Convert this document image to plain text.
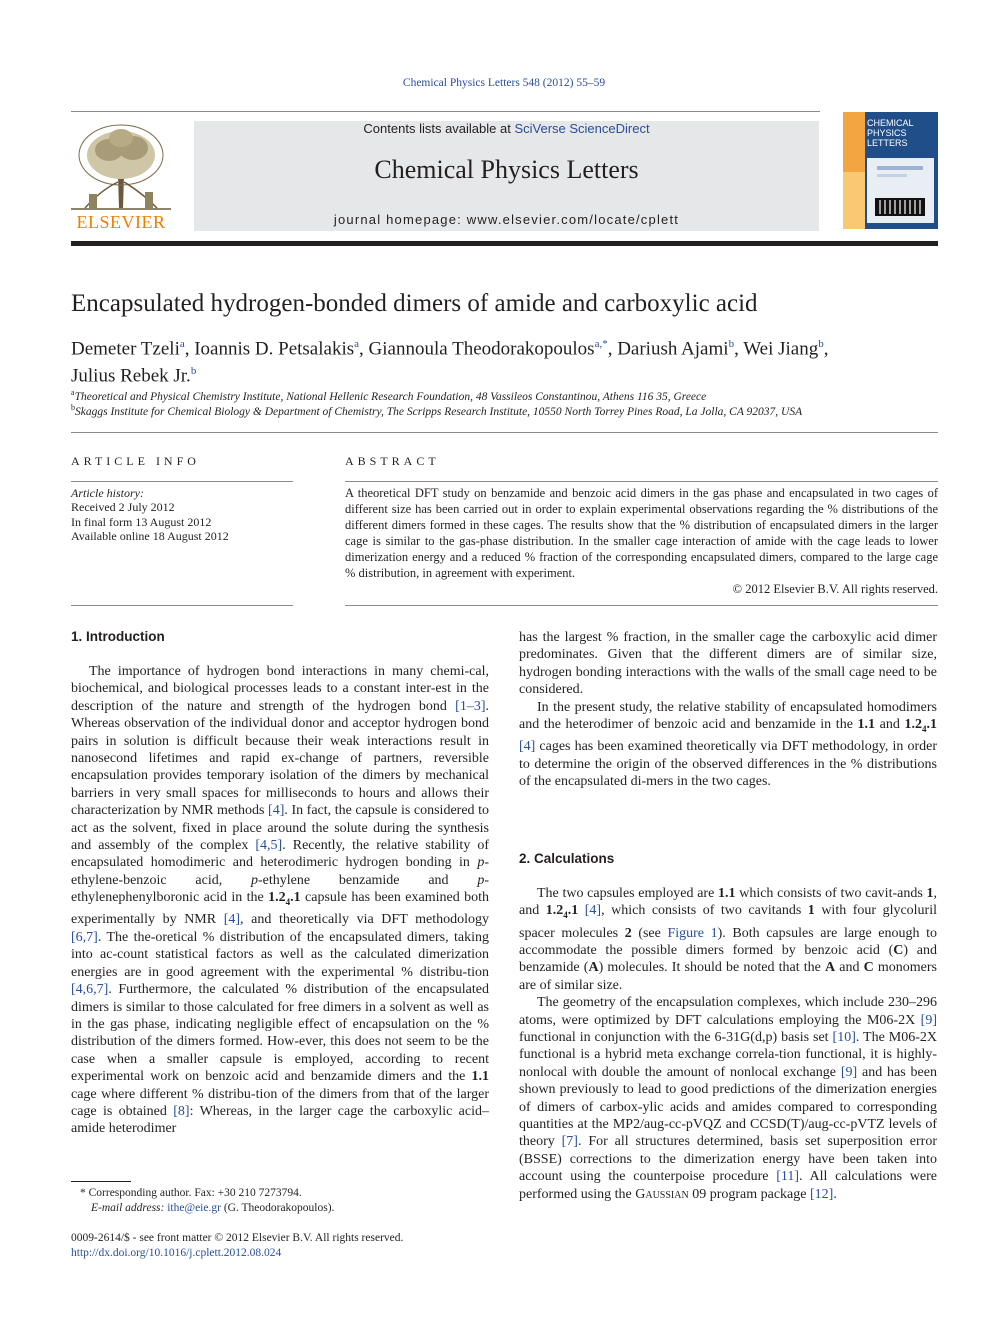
Chemical Physics Letters 548 (2012) 55–59
ELSEVIER
Contents lists available at SciVerse ScienceDirect
Chemical Physics Letters
journal homepage: www.elsevier.com/locate/cplett
CHEMICAL
PHYSICS
LETTERS
Encapsulated hydrogen-bonded dimers of amide and carboxylic acid
Demeter Tzeli$^a$, Ioannis D. Petsalakis$^a$, Giannoula Theodorakopoulos$^{a,*}$, Dariush Ajami$^b$, Wei Jiang$^b$,
Julius Rebek Jr.$^b$
$^a$Theoretical and Physical Chemistry Institute, National Hellenic Research Foundation, 48 Vassileos Constantinou, Athens 116 35, Greece
$^b$Skaggs Institute for Chemical Biology & Department of Chemistry, The Scripps Research Institute, 10550 North Torrey Pines Road, La Jolla, CA 92037, USA
ARTICLE INFO
Article history:
Received 2 July 2012
In final form 13 August 2012
Available online 18 August 2012
ABSTRACT
A theoretical DFT study on benzamide and benzoic acid dimers in the gas phase and encapsulated in two cages of different size has been carried out in order to explain experimental observations regarding the % distributions of the different dimers formed in these cages. The results show that the % distribution of encapsulated dimers in the larger cage is similar to the gas-phase distribution. In the smaller cage interaction of amide with the cage leads to lower dimerization energy and a reduced % fraction of the corresponding encapsulated dimers, compared to the large cage % distribution, in agreement with experiment.
© 2012 Elsevier B.V. All rights reserved.
1. Introduction

The importance of hydrogen bond interactions in many chemi-cal, biochemical, and biological processes leads to a constant inter-est in the description of the nature and strength of the hydrogen bond [1–3]. Whereas observation of the individual donor and acceptor hydrogen bond pairs in solution is difficult because their weak interactions result in nanosecond lifetimes and rapid ex-change of partners, reversible encapsulation provides temporary isolation of the dimers by mechanical barriers in very small spaces for milliseconds to hours and allows their characterization by NMR methods [4]. In fact, the capsule is considered to act as the solvent, fixed in place around the solute during the synthesis and assembly of the complex [4,5]. Recently, the relative stability of encapsulated homodimeric and heterodimeric hydrogen bonding in p-ethylene-benzoic acid, p-ethylene benzamide and p-ethylenephenylboronic acid in the $1.2_4.1$ capsule has been examined both experimentally by NMR [4], and theoretically via DFT methodology [6,7]. The the-oretical % distribution of the encapsulated dimers, taking into ac-count statistical factors as well as the calculated dimerization energies are in good agreement with the experimental % distribu-tion [4,6,7]. Furthermore, the calculated % distribution of the encapsulated dimers is similar to those calculated for free dimers in a solvent as well as in the gas phase, indicating negligible effect of encapsulation on the % distribution of the dimers formed. How-ever, this does not seem to be the case when a smaller capsule is employed, according to recent experimental work on benzoic acid and benzamide dimers and the 1.1 cage where different % distribu-tion of the dimers from that of the larger cage is obtained [8]: Whereas, in the larger cage the carboxylic acid–amide heterodimer

* Corresponding author. Fax: +30 210 7273794.
E-mail address: ithe@eie.gr (G. Theodorakopoulos).
0009-2614/$ - see front matter © 2012 Elsevier B.V. All rights reserved.
http://dx.doi.org/10.1016/j.cplett.2012.08.024

has the largest % fraction, in the smaller cage the carboxylic acid dimer predominates. Given that the different dimers are of similar size, hydrogen bonding interactions with the walls of the small cage need to be considered.

In the present study, the relative stability of encapsulated homodimers and the heterodimer of benzoic acid and benzamide in the 1.1 and $1.2_4.1$ [4] cages has been examined theoretically via DFT methodology, in order to determine the origin of the observed differences in the % distributions of the encapsulated di-mers in the two cages.

2. Calculations

The two capsules employed are 1.1 which consists of two cavit-ands 1, and $1.2_4.1$ [4], which consists of two cavitands 1 with four glycoluril spacer molecules 2 (see Figure 1). Both capsules are large enough to accommodate the possible dimers formed by benzoic acid (C) and benzamide (A) molecules. It should be noted that the A and C monomers are of similar size.

The geometry of the encapsulation complexes, which include 230–296 atoms, were optimized by DFT calculations employing the M06-2X [9] functional in conjunction with the 6-31G(d,p) basis set [10]. The M06-2X functional is a hybrid meta exchange correla-tion functional, it is highly-nonlocal with double the amount of nonlocal exchange [9] and has been shown previously to lead to good predictions of the dimerization energies of dimers of carbox-ylic acids and amides compared to corresponding quantities at the MP2/aug-cc-pVQZ and CCSD(T)/aug-cc-pVTZ levels of theory [7]. For all structures determined, basis set superposition error (BSSE) corrections to the dimerization energy have been taken into account using the counterpoise procedure [11]. All calculations were performed using the Gaussian 09 program package [12].
